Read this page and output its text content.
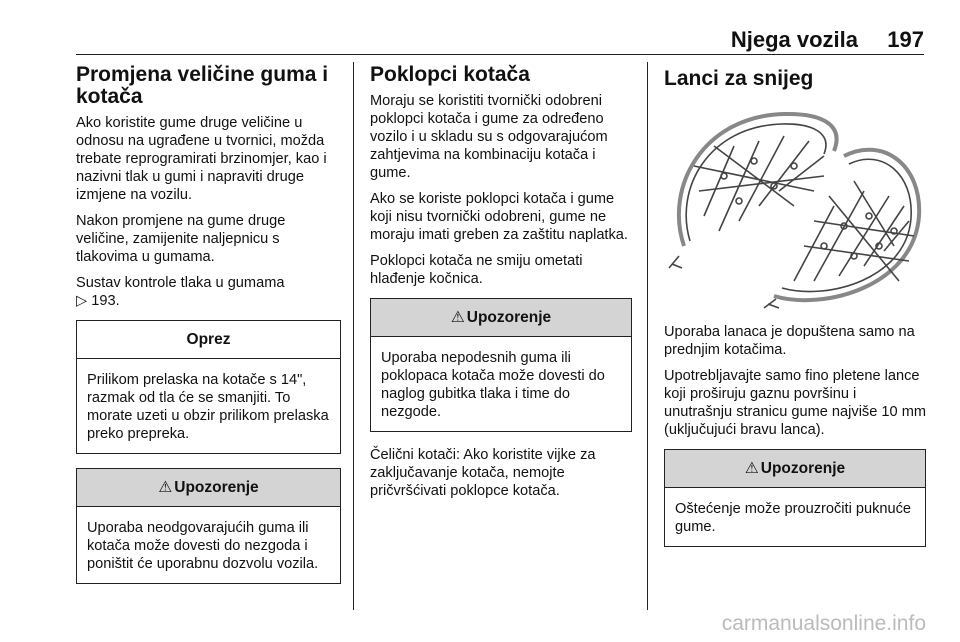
Njega vozila 197
Promjena veličine guma i kotača

Ako koristite gume druge veličine u odnosu na ugrađene u tvornici, možda trebate reprogramirati brzinomjer, kao i nazivni tlak u gumi i napraviti druge izmjene na vozilu.

Nakon promjene na gume druge veličine, zamijenite naljepnicu s tlakovima u gumama.

Sustav kontrole tlaka u gumama
▷ 193.

Oprez
Prilikom prelaska na kotače s 14", razmak od tla će se smanjiti. To morate uzeti u obzir prilikom prelaska preko prepreka.
⚠ Upozorenje
Uporaba neodgovarajućih guma ili kotača može dovesti do nezgoda i poništit će uporabnu dozvolu vozila.
Poklopci kotača

Moraju se koristiti tvornički odobreni poklopci kotača i gume za određeno vozilo i u skladu su s odgovarajućom zahtjevima na kombinaciju kotača i gume.

Ako se koriste poklopci kotača i gume koji nisu tvornički odobreni, gume ne moraju imati greben za zaštitu naplatka.

Poklopci kotača ne smiju ometati hlađenje kočnica.

⚠ Upozorenje
Uporaba nepodesnih guma ili poklopaca kotača može dovesti do naglog gubitka tlaka i time do nezgode.

Čelični kotači: Ako koristite vijke za zaključavanje kotača, nemojte pričvršćivati poklopce kotača.

Lanci za snijeg

Uporaba lanaca je dopuštena samo na prednjim kotačima.

Upotrebljavajte samo fino pletene lance koji proširuju gaznu površinu i unutrašnju stranicu gume najviše 10 mm (uključujući bravu lanca).

⚠ Upozorenje
Oštećenje može prouzročiti puknuće gume.
carmanualsonline.info
